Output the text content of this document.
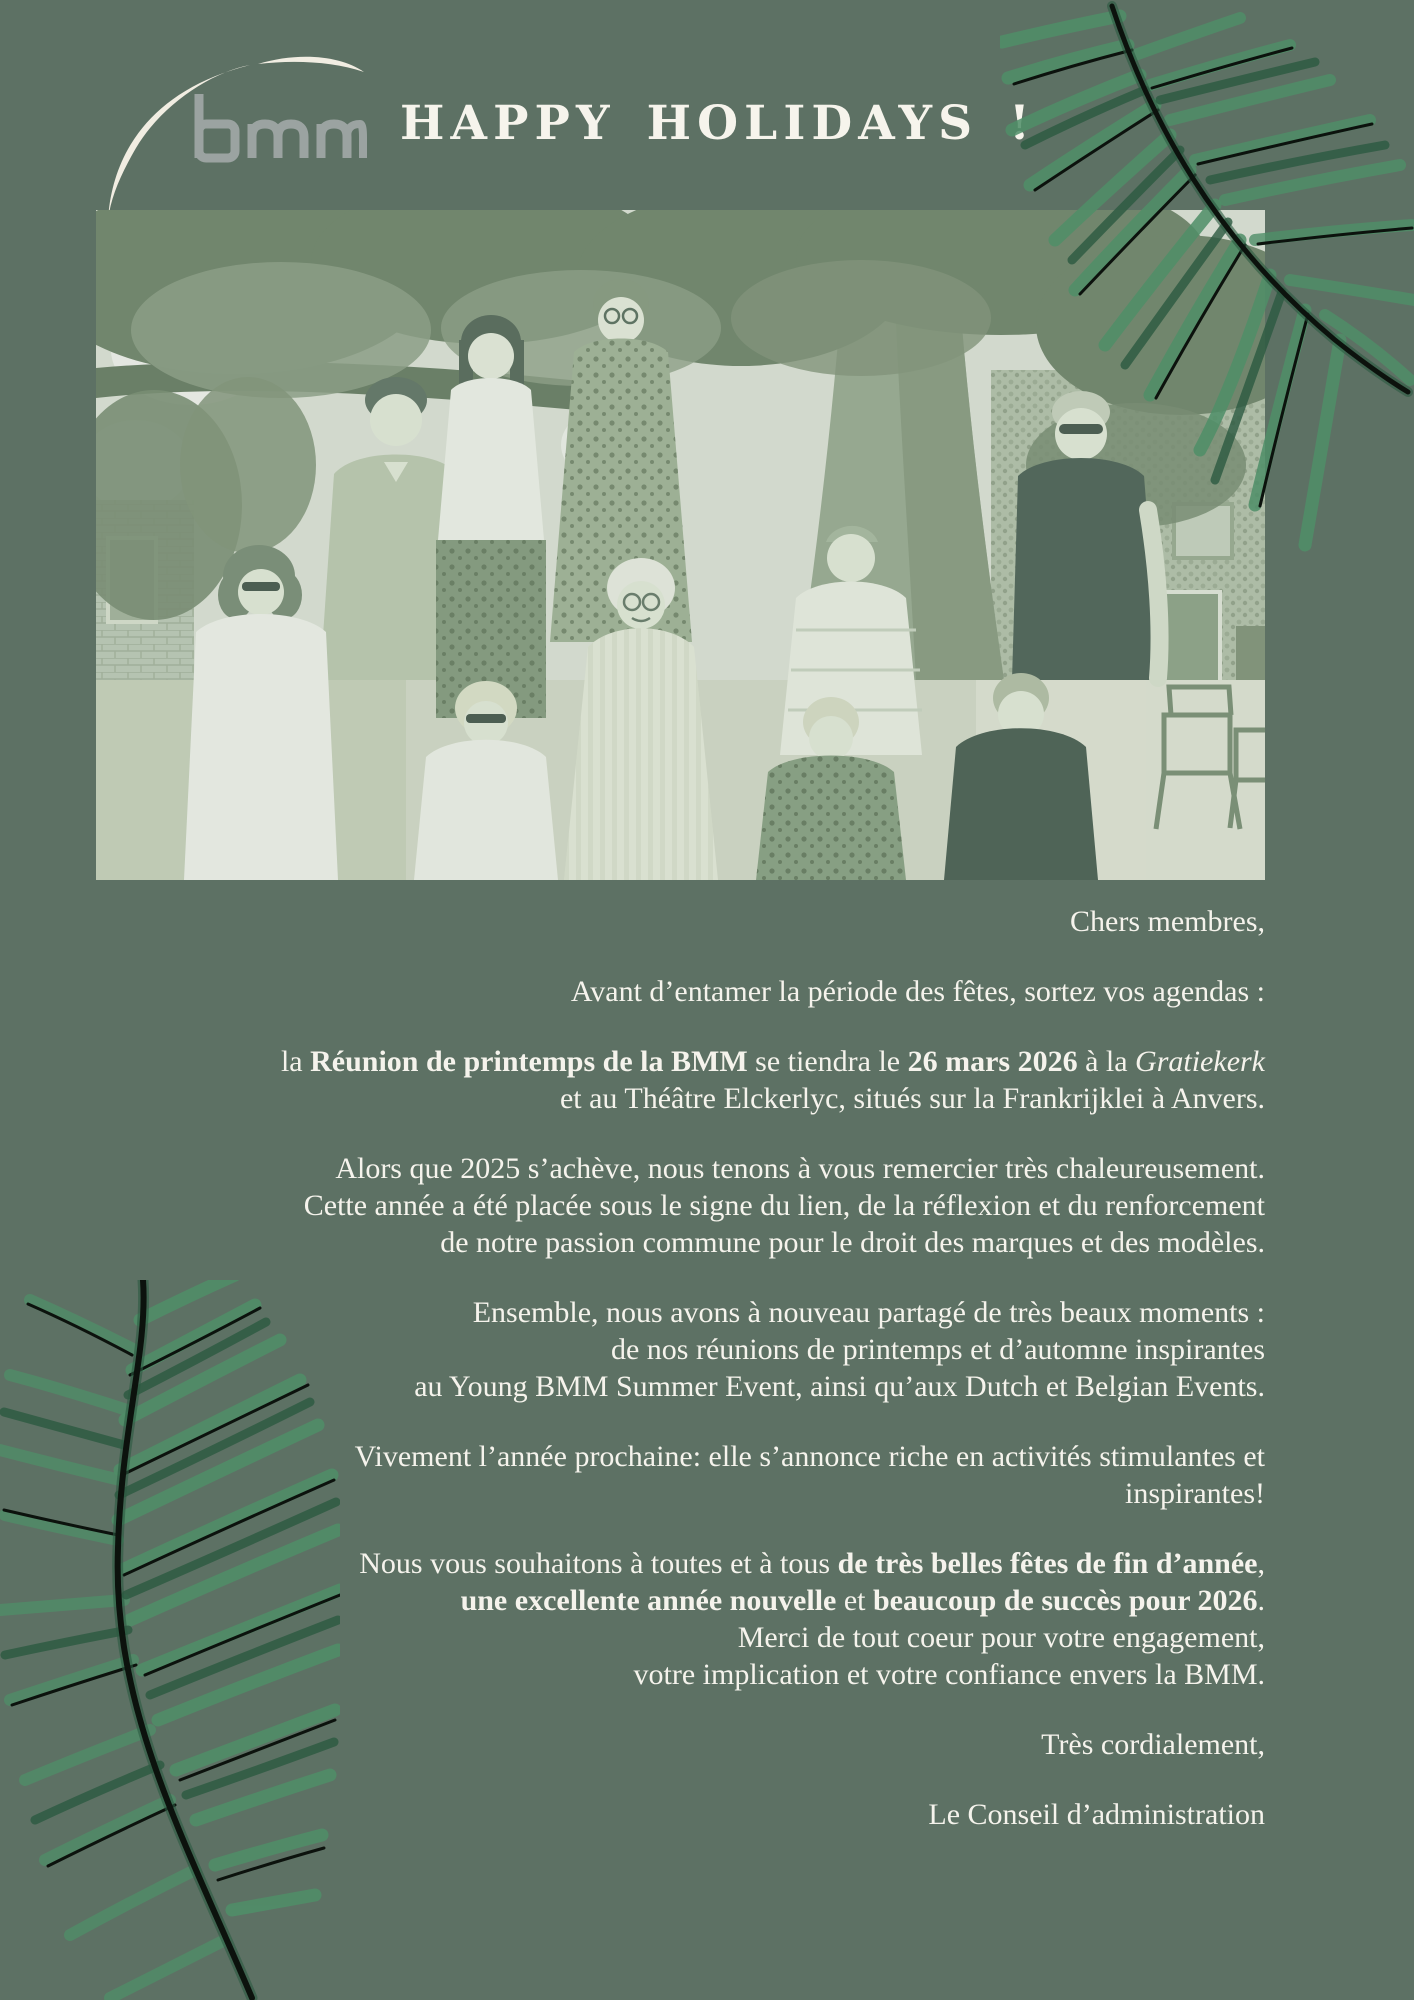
HAPPY HOLIDAYS !
Chers membres,
Avant d’entamer la période des fêtes, sortez vos agendas :
la Réunion de printemps de la BMM se tiendra le 26 mars 2026 à la Gratiekerk
et au Théâtre Elckerlyc, situés sur la Frankrijklei à Anvers.
Alors que 2025 s’achève, nous tenons à vous remercier très chaleureusement.
Cette année a été placée sous le signe du lien, de la réflexion et du renforcement
de notre passion commune pour le droit des marques et des modèles.
Ensemble, nous avons à nouveau partagé de très beaux moments :
de nos réunions de printemps et d’automne inspirantes
au Young BMM Summer Event, ainsi qu’aux Dutch et Belgian Events.
Vivement l’année prochaine: elle s’annonce riche en activités stimulantes et
inspirantes!
Nous vous souhaitons à toutes et à tous de très belles fêtes de fin d’année,
une excellente année nouvelle et beaucoup de succès pour 2026.
Merci de tout coeur pour votre engagement,
votre implication et votre confiance envers la BMM.
Très cordialement,
Le Conseil d’administration
